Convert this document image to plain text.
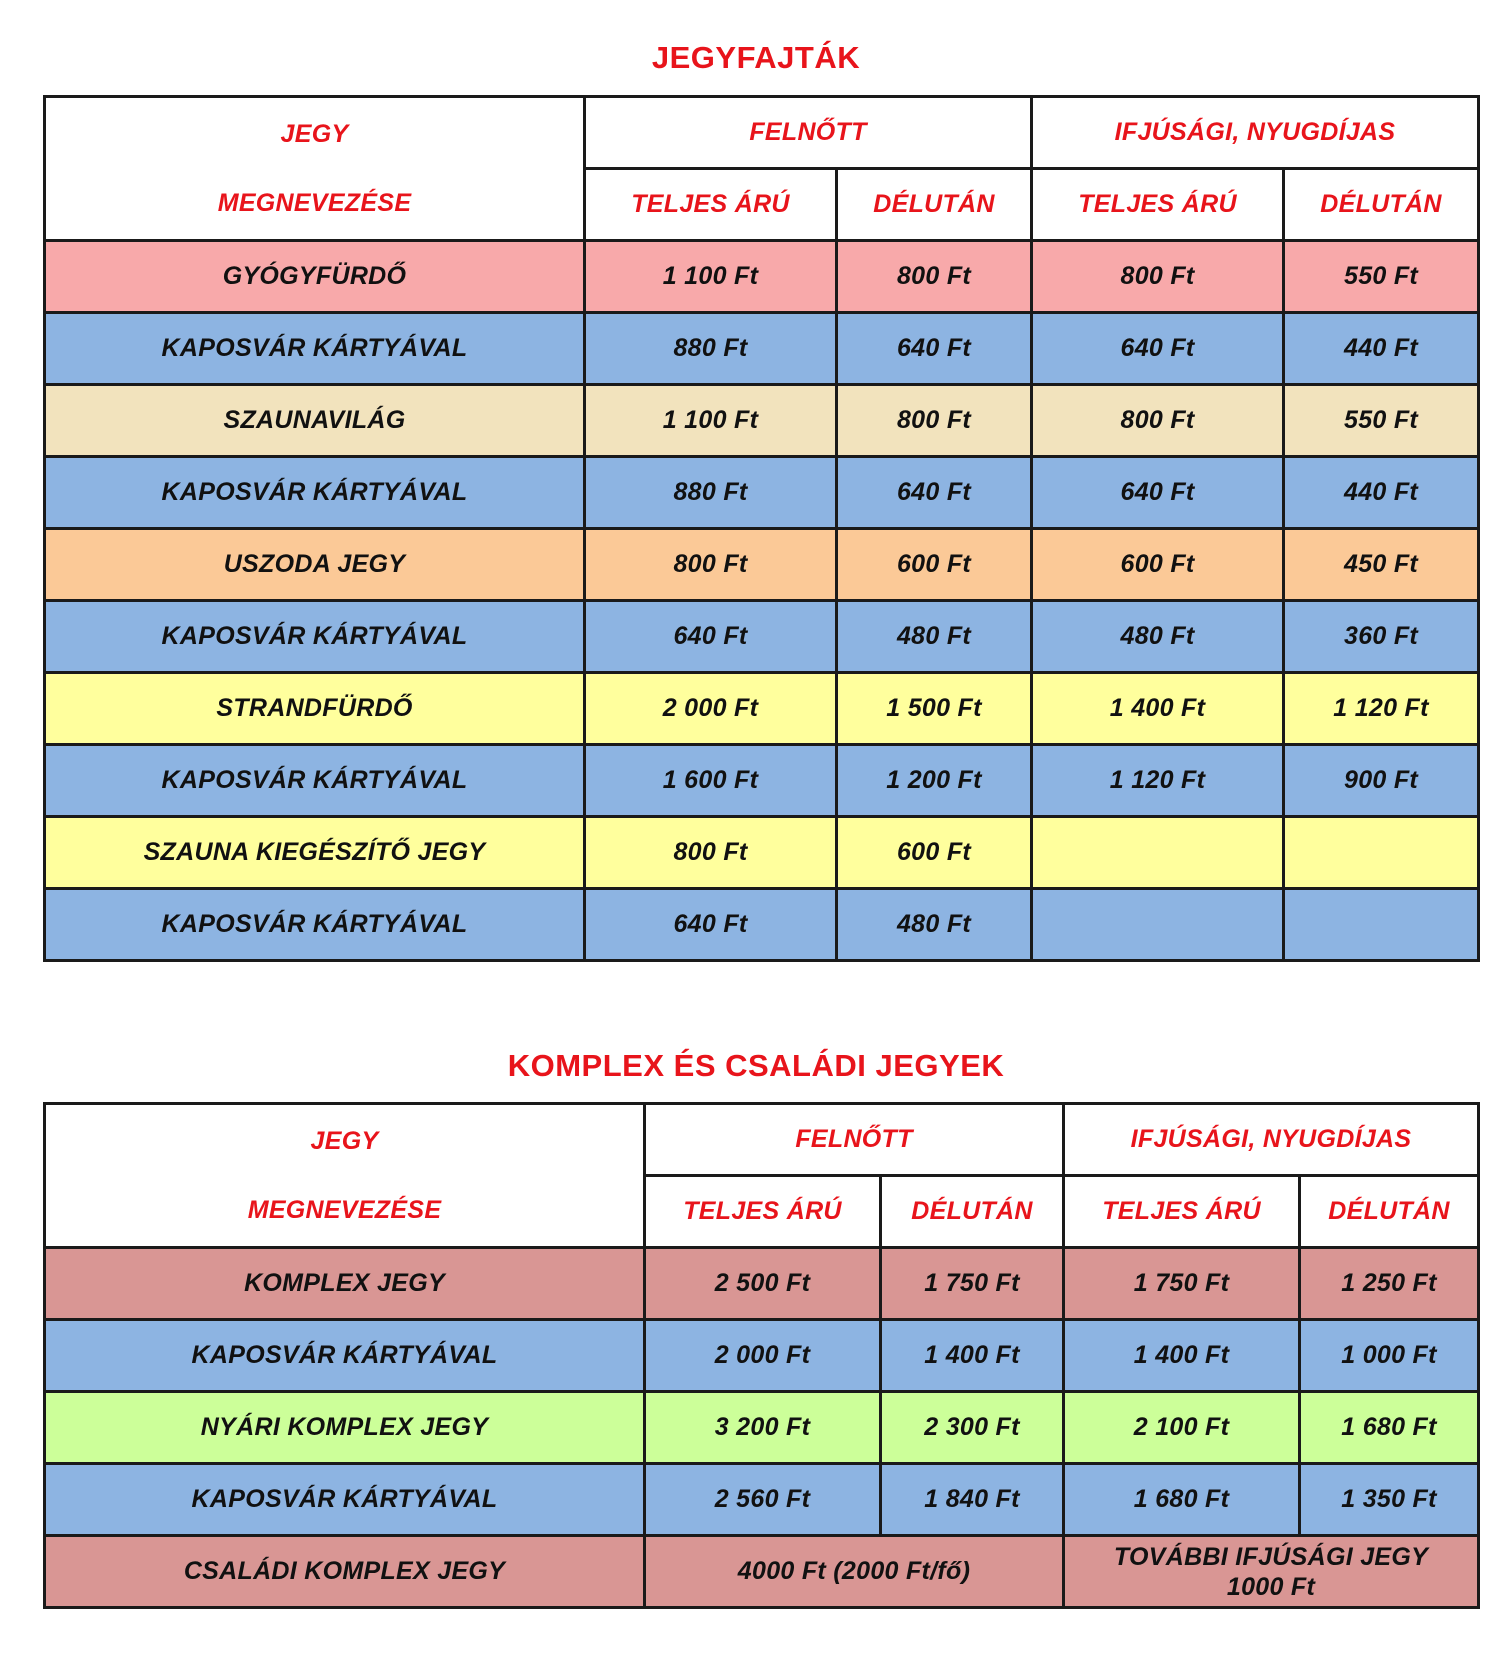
JEGYFAJTÁK
JEGY
MEGNEVEZÉSE	FELNŐTT		IFJÚSÁGI, NYUGDÍJAS	
	TELJES ÁRÚ	DÉLUTÁN	TELJES ÁRÚ	DÉLUTÁN
GYÓGYFÜRDŐ	1 100 Ft	800 Ft	800 Ft	550 Ft
KAPOSVÁR KÁRTYÁVAL	880 Ft	640 Ft	640 Ft	440 Ft
SZAUNAVILÁG	1 100 Ft	800 Ft	800 Ft	550 Ft
KAPOSVÁR KÁRTYÁVAL	880 Ft	640 Ft	640 Ft	440 Ft
USZODA JEGY	800 Ft	600 Ft	600 Ft	450 Ft
KAPOSVÁR KÁRTYÁVAL	640 Ft	480 Ft	480 Ft	360 Ft
STRANDFÜRDŐ	2 000 Ft	1 500 Ft	1 400 Ft	1 120 Ft
KAPOSVÁR KÁRTYÁVAL	1 600 Ft	1 200 Ft	1 120 Ft	900 Ft
SZAUNA KIEGÉSZÍTŐ JEGY	800 Ft	600 Ft		
KAPOSVÁR KÁRTYÁVAL	640 Ft	480 Ft		
KOMPLEX ÉS CSALÁDI JEGYEK
JEGY
MEGNEVEZÉSE	FELNŐTT		IFJÚSÁGI, NYUGDÍJAS	
	TELJES ÁRÚ	DÉLUTÁN	TELJES ÁRÚ	DÉLUTÁN
KOMPLEX JEGY	2 500 Ft	1 750 Ft	1 750 Ft	1 250 Ft
KAPOSVÁR KÁRTYÁVAL	2 000 Ft	1 400 Ft	1 400 Ft	1 000 Ft
NYÁRI KOMPLEX JEGY	3 200 Ft	2 300 Ft	2 100 Ft	1 680 Ft
KAPOSVÁR KÁRTYÁVAL	2 560 Ft	1 840 Ft	1 680 Ft	1 350 Ft
CSALÁDI KOMPLEX JEGY	4000 Ft (2000 Ft/fő)		TOVÁBBI IFJÚSÁGI JEGY
1000 Ft	
